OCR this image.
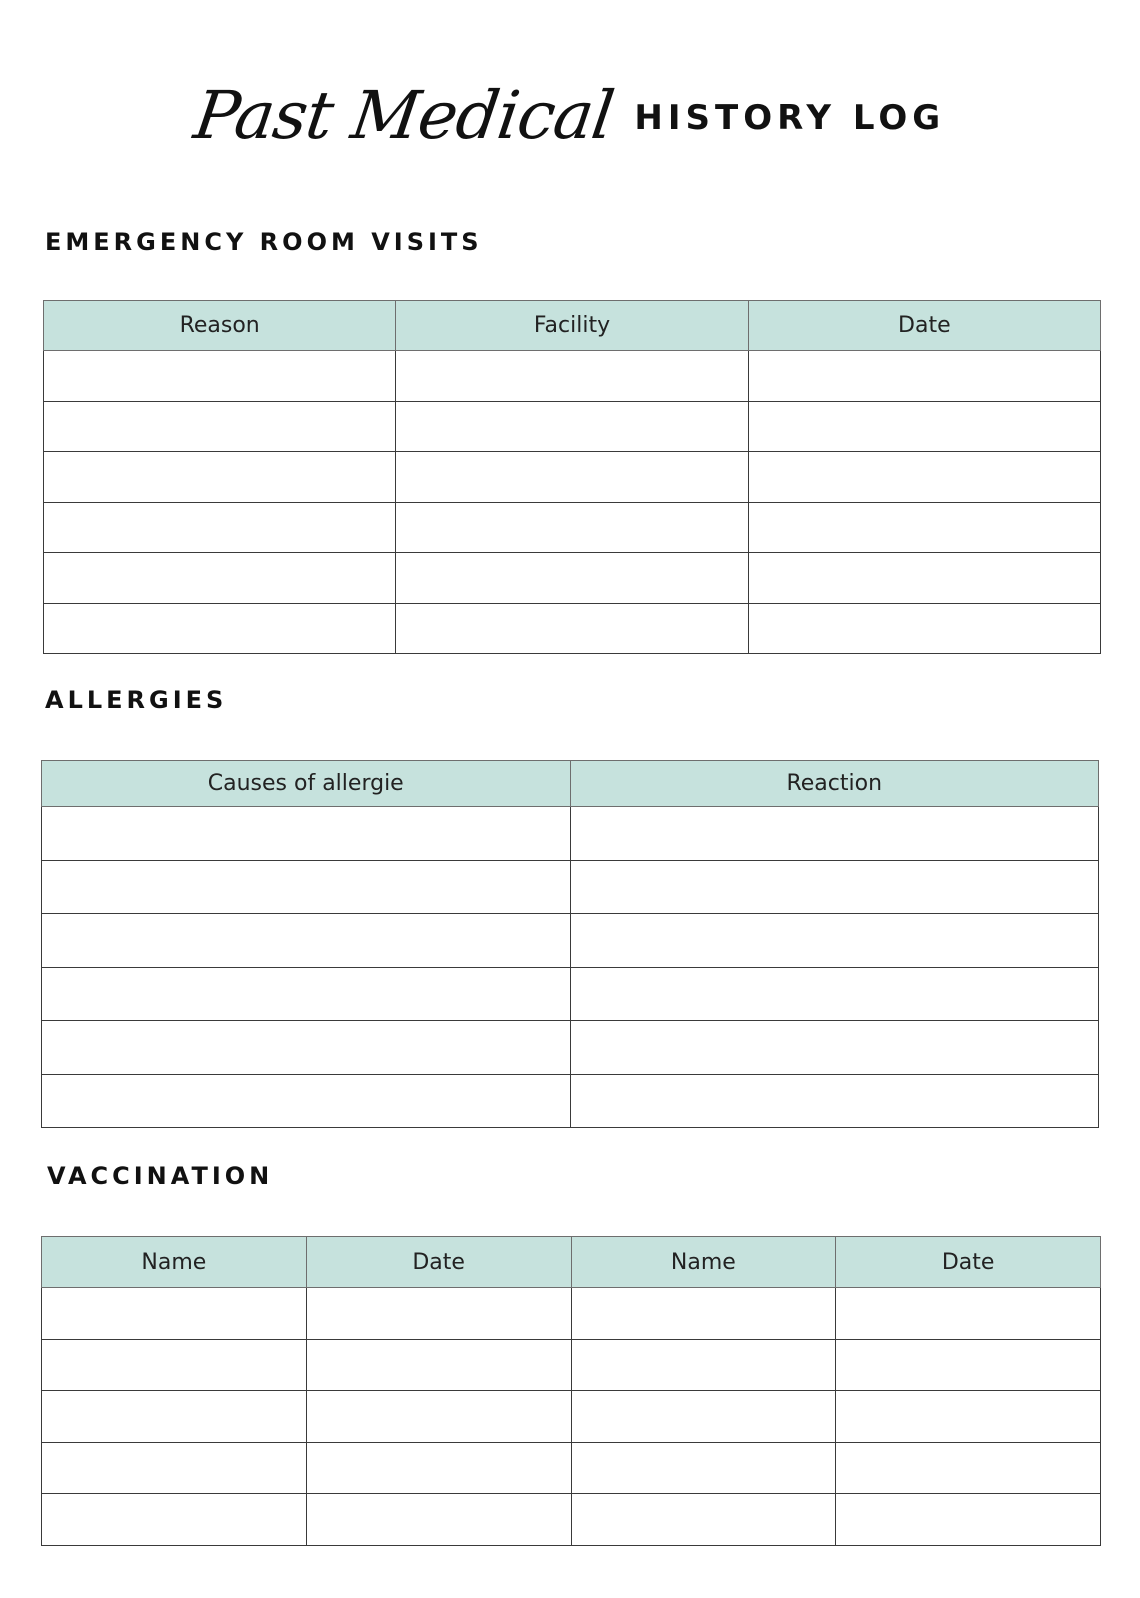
Past Medical HISTORY LOG
EMERGENCY ROOM VISITS
Reason	Facility	Date

ALLERGIES
Causes of allergie	Reaction

VACCINATION
Name	Date	Name	Date
